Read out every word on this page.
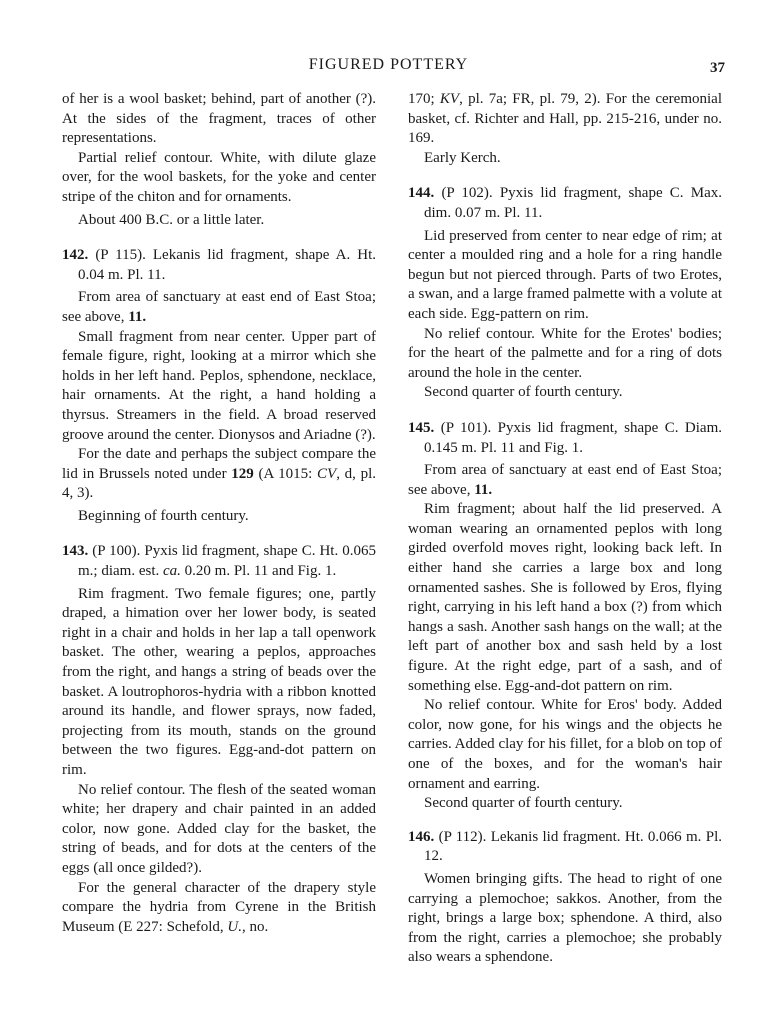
FIGURED POTTERY	37

of her is a wool basket; behind, part of another (?). At the sides of the fragment, traces of other representations.

Partial relief contour. White, with dilute glaze over, for the wool baskets, for the yoke and center stripe of the chiton and for ornaments.

About 400 B.C. or a little later.

142. (P 115). Lekanis lid fragment, shape A. Ht. 0.04 m. Pl. 11.

From area of sanctuary at east end of East Stoa; see above, 11.

Small fragment from near center. Upper part of female figure, right, looking at a mirror which she holds in her left hand. Peplos, sphendone, necklace, hair ornaments. At the right, a hand holding a thyrsus. Streamers in the field. A broad reserved groove around the center. Dionysos and Ariadne (?).

For the date and perhaps the subject compare the lid in Brussels noted under 129 (A 1015: CV, d, pl. 4, 3).

Beginning of fourth century.

143. (P 100). Pyxis lid fragment, shape C. Ht. 0.065 m.; diam. est. ca. 0.20 m. Pl. 11 and Fig. 1.

Rim fragment. Two female figures; one, partly draped, a himation over her lower body, is seated right in a chair and holds in her lap a tall openwork basket. The other, wearing a peplos, approaches from the right, and hangs a string of beads over the basket. A loutrophoros-hydria with a ribbon knotted around its handle, and flower sprays, now faded, projecting from its mouth, stands on the ground between the two figures. Egg-and-dot pattern on rim.

No relief contour. The flesh of the seated woman white; her drapery and chair painted in an added color, now gone. Added clay for the basket, the string of beads, and for dots at the centers of the eggs (all once gilded?).

For the general character of the drapery style compare the hydria from Cyrene in the British Museum (E 227: Schefold, U., no.

170; KV, pl. 7a; FR, pl. 79, 2). For the ceremonial basket, cf. Richter and Hall, pp. 215-216, under no. 169.

Early Kerch.

144. (P 102). Pyxis lid fragment, shape C. Max. dim. 0.07 m. Pl. 11.

Lid preserved from center to near edge of rim; at center a moulded ring and a hole for a ring handle begun but not pierced through. Parts of two Erotes, a swan, and a large framed palmette with a volute at each side. Egg-pattern on rim.

No relief contour. White for the Erotes' bodies; for the heart of the palmette and for a ring of dots around the hole in the center.

Second quarter of fourth century.

145. (P 101). Pyxis lid fragment, shape C. Diam. 0.145 m. Pl. 11 and Fig. 1.

From area of sanctuary at east end of East Stoa; see above, 11.

Rim fragment; about half the lid preserved. A woman wearing an ornamented peplos with long girded overfold moves right, looking back left. In either hand she carries a large box and long ornamented sashes. She is followed by Eros, flying right, carrying in his left hand a box (?) from which hangs a sash. Another sash hangs on the wall; at the left part of another box and sash held by a lost figure. At the right edge, part of a sash, and of something else. Egg-and-dot pattern on rim.

No relief contour. White for Eros' body. Added color, now gone, for his wings and the objects he carries. Added clay for his fillet, for a blob on top of one of the boxes, and for the woman's hair ornament and earring.

Second quarter of fourth century.

146. (P 112). Lekanis lid fragment. Ht. 0.066 m. Pl. 12.

Women bringing gifts. The head to right of one carrying a plemochoe; sakkos. Another, from the right, brings a large box; sphendone. A third, also from the right, carries a plemochoe; she probably also wears a sphendone.
